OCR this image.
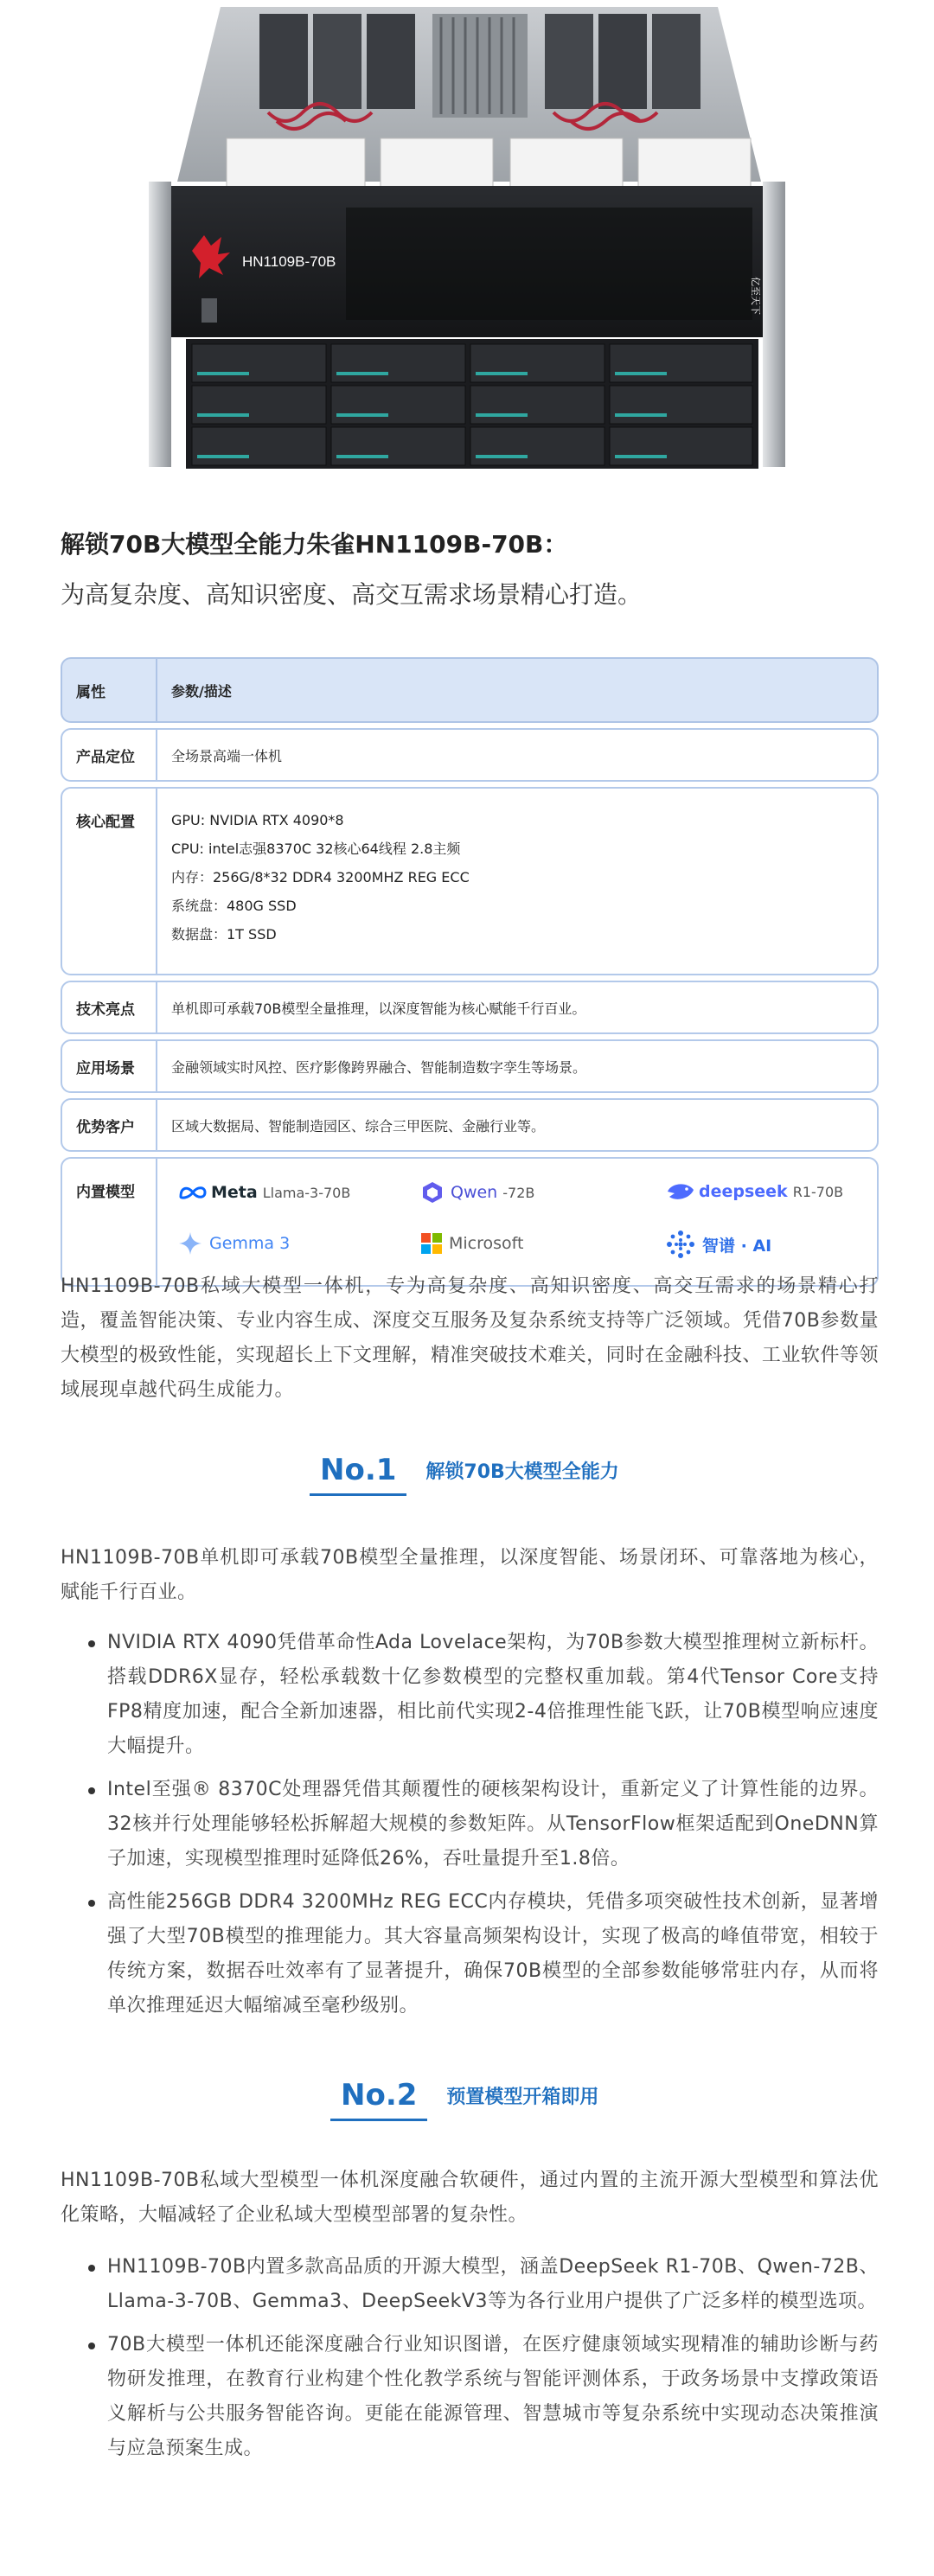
HN1109B-70B
亿至天下
解锁70B大模型全能力朱雀HN1109B-70B：
为高复杂度、高知识密度、高交互需求场景精心打造。
属性	参数/描述
产品定位	全场景高端一体机
核心配置	GPU: NVIDIA RTX 4090*8
CPU: intel志强8370C 32核心64线程 2.8主频
内存：256G/8*32 DDR4 3200MHZ REG ECC
系统盘：480G SSD
数据盘：1T SSD
技术亮点	单机即可承载70B模型全量推理，以深度智能为核心赋能千行百业。
应用场景	金融领域实时风控、医疗影像跨界融合、智能制造数字孪生等场景。
优势客户	区域大数据局、智能制造园区、综合三甲医院、金融行业等。
内置模型	Meta Llama-3-70B	Qwen -72B	deepseek R1-70B
Gemma 3	Microsoft	智谱 · AI
HN1109B-70B私域大模型一体机，专为高复杂度、高知识密度、高交互需求的场景精心打造，覆盖智能决策、专业内容生成、深度交互服务及复杂系统支持等广泛领域。凭借70B参数量大模型的极致性能，实现超长上下文理解，精准突破技术难关，同时在金融科技、工业软件等领域展现卓越代码生成能力。
No.1	解锁70B大模型全能力
HN1109B-70B单机即可承载70B模型全量推理，以深度智能、场景闭环、可靠落地为核心，赋能千行百业。
NVIDIA RTX 4090凭借革命性Ada Lovelace架构，为70B参数大模型推理树立新标杆。搭载DDR6X显存，轻松承载数十亿参数模型的完整权重加载。第4代Tensor Core支持FP8精度加速，配合全新加速器，相比前代实现2-4倍推理性能飞跃，让70B模型响应速度大幅提升。
Intel至强® 8370C处理器凭借其颠覆性的硬核架构设计，重新定义了计算性能的边界。32核并行处理能够轻松拆解超大规模的参数矩阵。从TensorFlow框架适配到OneDNN算子加速，实现模型推理时延降低26%，吞吐量提升至1.8倍。
高性能256GB DDR4 3200MHz REG ECC内存模块，凭借多项突破性技术创新，显著增强了大型70B模型的推理能力。其大容量高频架构设计，实现了极高的峰值带宽，相较于传统方案，数据吞吐效率有了显著提升，确保70B模型的全部参数能够常驻内存，从而将单次推理延迟大幅缩减至毫秒级别。
No.2	预置模型开箱即用
HN1109B-70B私域大型模型一体机深度融合软硬件，通过内置的主流开源大型模型和算法优化策略，大幅减轻了企业私域大型模型部署的复杂性。
HN1109B-70B内置多款高品质的开源大模型，涵盖DeepSeek R1-70B、Qwen-72B、Llama-3-70B、Gemma3、DeepSeekV3等为各行业用户提供了广泛多样的模型选项。
70B大模型一体机还能深度融合行业知识图谱，在医疗健康领域实现精准的辅助诊断与药物研发推理，在教育行业构建个性化教学系统与智能评测体系，于政务场景中支撑政策语义解析与公共服务智能咨询。更能在能源管理、智慧城市等复杂系统中实现动态决策推演与应急预案生成。
